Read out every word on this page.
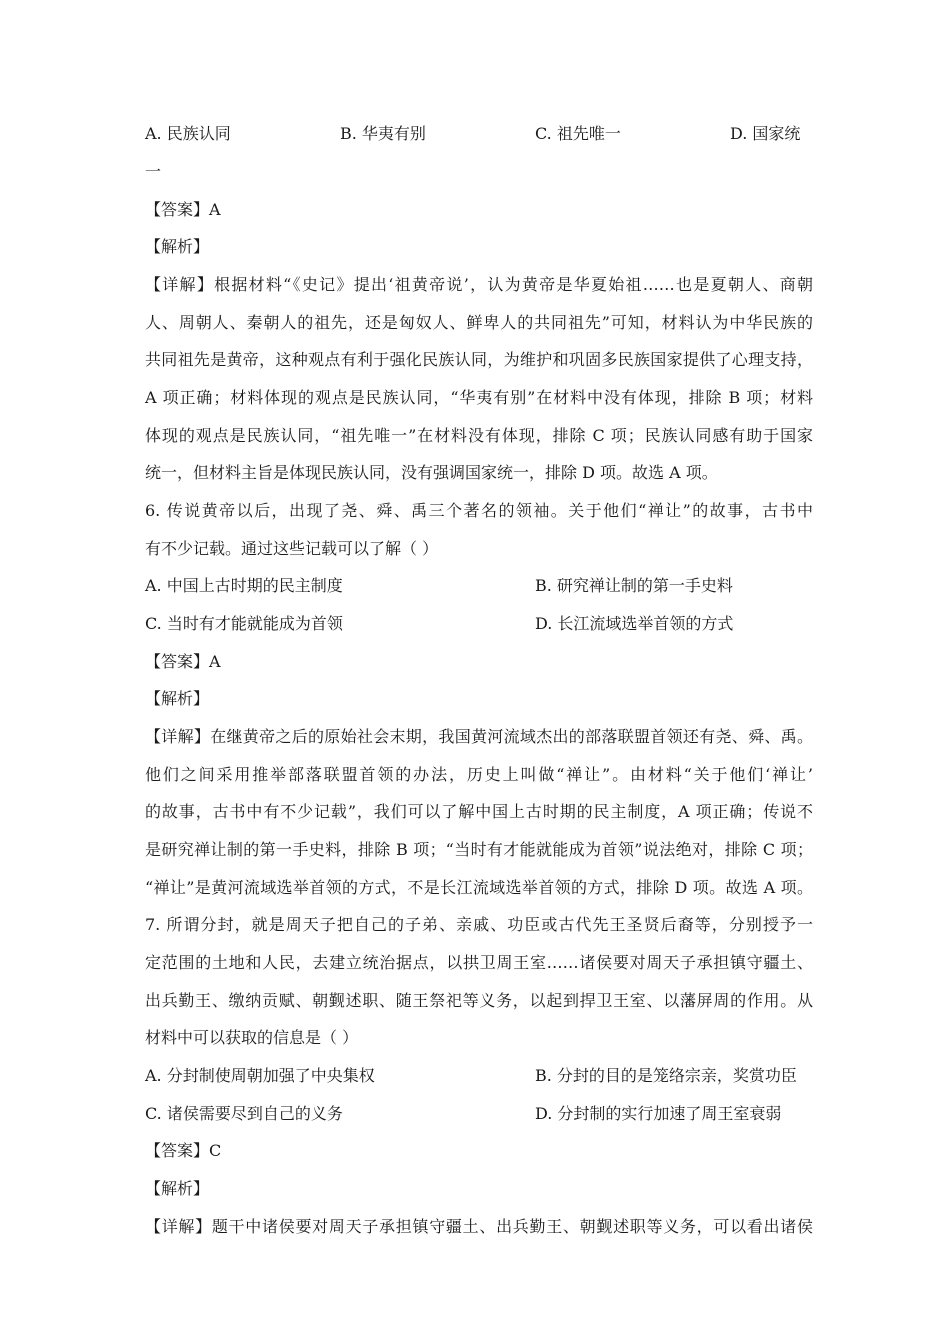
A. 民族认同	B. 华夷有别	C. 祖先唯一	D. 国家统
一
【答案】A
【解析】
【详解】根据材料“《史记》提出‘祖黄帝说’，认为黄帝是华夏始祖……也是夏朝人、商朝
人、周朝人、秦朝人的祖先，还是匈奴人、鲜卑人的共同祖先”可知，材料认为中华民族的
共同祖先是黄帝，这种观点有利于强化民族认同，为维护和巩固多民族国家提供了心理支持，
A 项正确；材料体现的观点是民族认同，“华夷有别”在材料中没有体现，排除 B 项；材料
体现的观点是民族认同，“祖先唯一”在材料没有体现，排除 C 项；民族认同感有助于国家
统一，但材料主旨是体现民族认同，没有强调国家统一，排除 D 项。故选 A 项。
6. 传说黄帝以后，出现了尧、舜、禹三个著名的领袖。关于他们“禅让”的故事，古书中
有不少记载。通过这些记载可以了解（ ）
A. 中国上古时期的民主制度	B. 研究禅让制的第一手史料
C. 当时有才能就能成为首领	D. 长江流域选举首领的方式
【答案】A
【解析】
【详解】在继黄帝之后的原始社会末期，我国黄河流域杰出的部落联盟首领还有尧、舜、禹。
他们之间采用推举部落联盟首领的办法，历史上叫做“禅让”。由材料“关于他们‘禅让’
的故事，古书中有不少记载”，我们可以了解中国上古时期的民主制度，A 项正确；传说不
是研究禅让制的第一手史料，排除 B 项；“当时有才能就能成为首领”说法绝对，排除 C 项；
“禅让”是黄河流域选举首领的方式，不是长江流域选举首领的方式，排除 D 项。故选 A 项。
7. 所谓分封，就是周天子把自己的子弟、亲戚、功臣或古代先王圣贤后裔等，分别授予一
定范围的土地和人民，去建立统治据点，以拱卫周王室……诸侯要对周天子承担镇守疆土、
出兵勤王、缴纳贡赋、朝觐述职、随王祭祀等义务，以起到捍卫王室、以藩屏周的作用。从
材料中可以获取的信息是（ ）
A. 分封制使周朝加强了中央集权	B. 分封的目的是笼络宗亲，奖赏功臣
C. 诸侯需要尽到自己的义务	D. 分封制的实行加速了周王室衰弱
【答案】C
【解析】
【详解】题干中诸侯要对周天子承担镇守疆土、出兵勤王、朝觐述职等义务，可以看出诸侯
